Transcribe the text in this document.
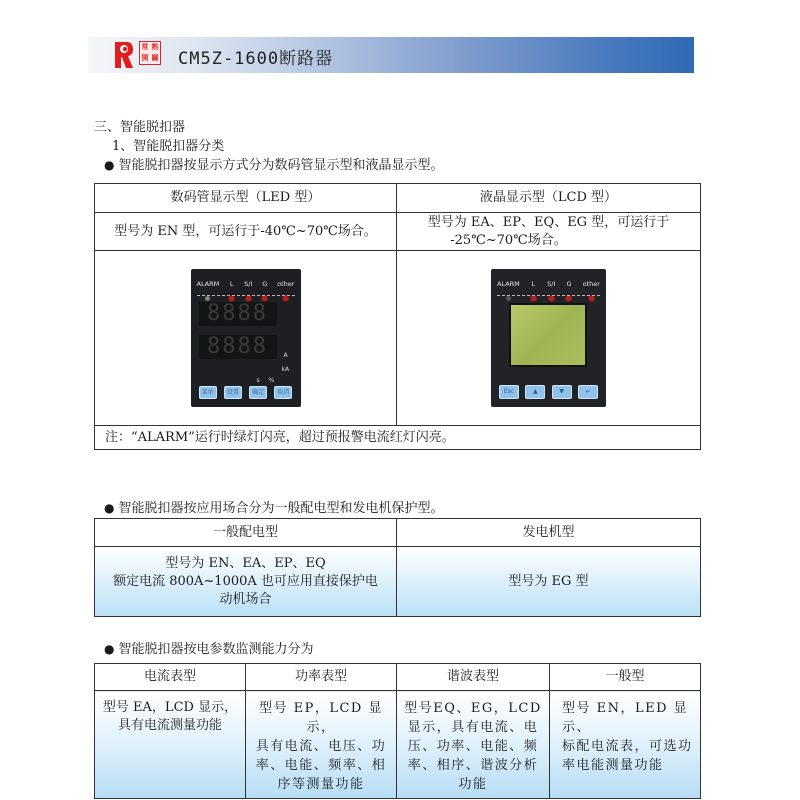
常 熟
開 關 CM5Z-1600断路器
三、智能脱扣器
1、智能脱扣器分类
● 智能脱扣器按显示方式分为数码管显示型和液晶显示型。
数码管显示型（LED 型）	液晶显示型（LCD 型）
型号为 EN 型，可运行于-40℃~70℃场合。	型号为 EA、EP、EQ、EG 型，可运行于
-25℃~70℃场合。

ALARM L S/I G other
8888
8888	A
kA
s %
菜单	设置	确定	取消

ALARM L S/I G other
Esc	▲	▼	↵

注：“ALARM”运行时绿灯闪亮，超过预报警电流红灯闪亮。	
● 智能脱扣器按应用场合分为一般配电型和发电机保护型。
一般配电型	发电机型

型号为 EN、EA、EP、EQ
额定电流 800A~1000A 也可应用直接保护电
动机场合	型号为 EG 型
● 智能脱扣器按电参数监测能力分为
电流表型	功率表型	谐波表型	一般型

型号 EA，LCD 显示，
具有电流测量功能	型号 EP，LCD 显示，
具有电流、电压、功
率、电能、频率、相
序等测量功能	型号EQ、EG，LCD
显示，具有电流、电
压、功率、电能、频
率、相序、谐波分析
功能	型号 EN，LED 显示、
标配电流表，可选功
率电能测量功能
